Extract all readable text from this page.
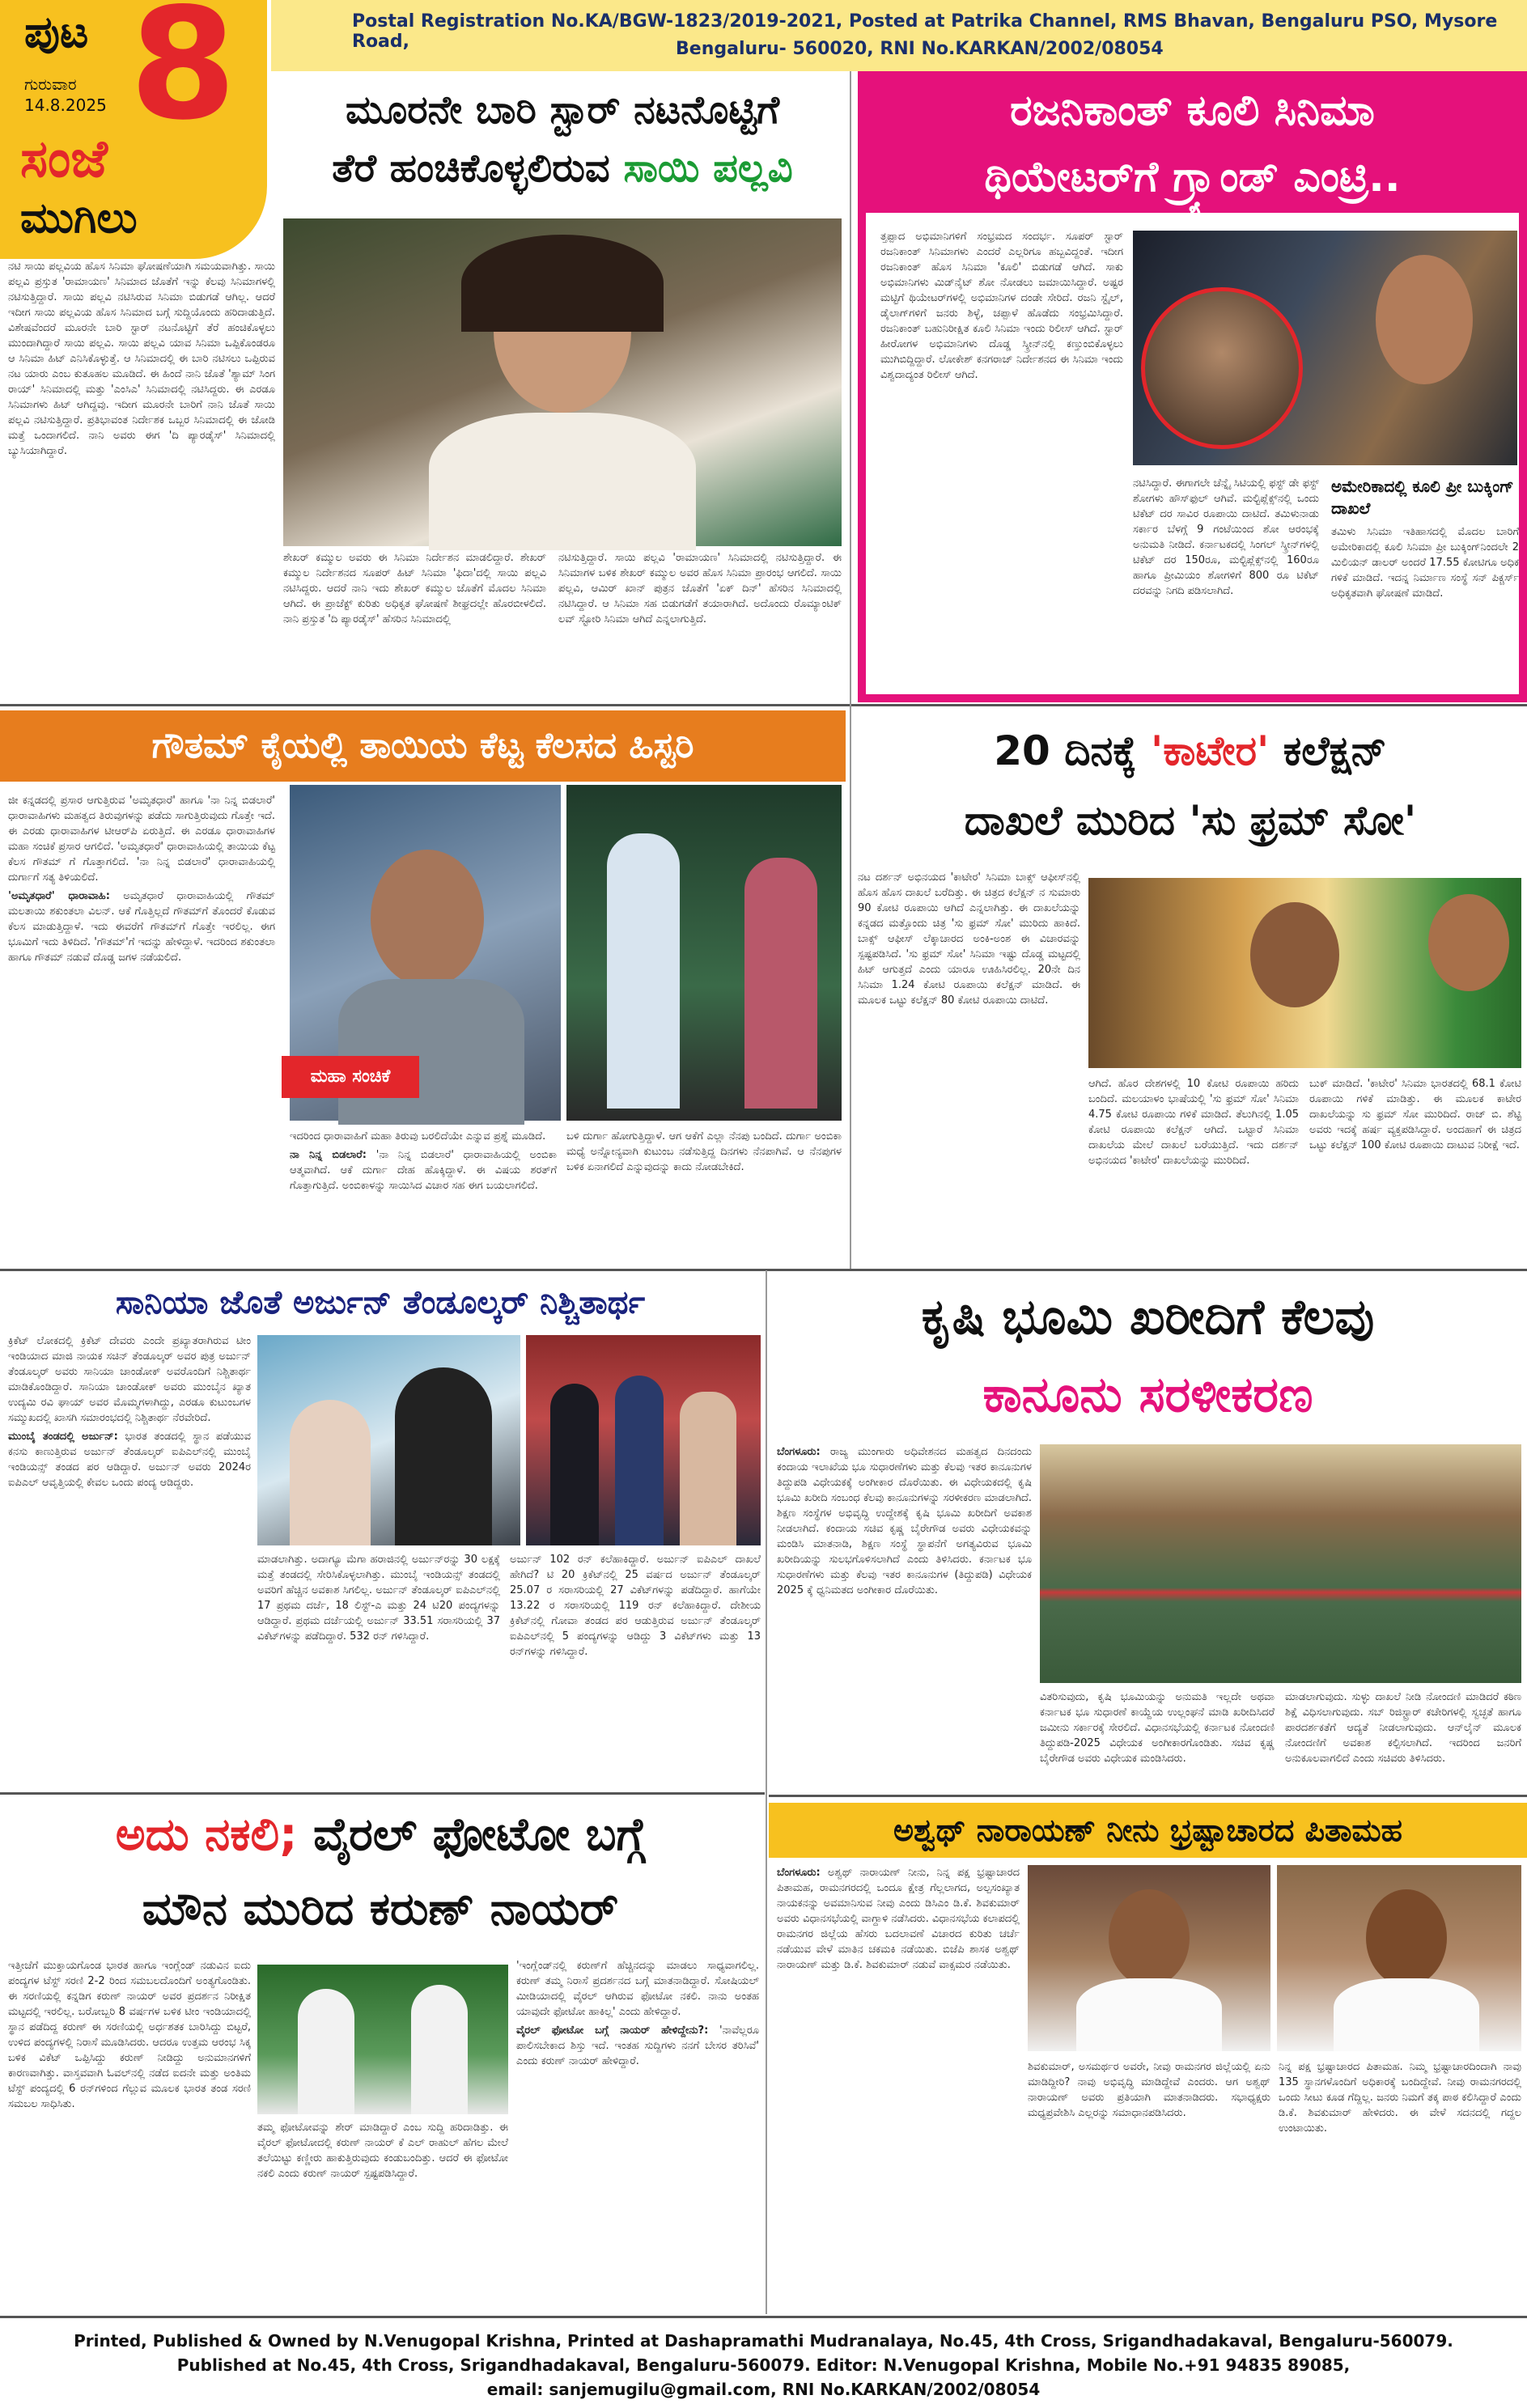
ಪುಟ 8
ಗುರುವಾರ
14.8.2025
ಸಂಜೆ
ಮುಗಿಲು
Postal Registration No.KA/BGW-1823/2019-2021, Posted at Patrika Channel, RMS Bhavan, Bengaluru PSO, Mysore Road,	Bengaluru- 560020, RNI No.KARKAN/2002/08054
ಮೂರನೇ ಬಾರಿ ಸ್ಟಾರ್ ನಟನೊಟ್ಟಿಗೆ
ತೆರೆ ಹಂಚಿಕೊಳ್ಳಲಿರುವ ಸಾಯಿ ಪಲ್ಲವಿ
ನಟಿ ಸಾಯಿ ಪಲ್ಲವಿಯ ಹೊಸ ಸಿನಿಮಾ ಘೋಷಣೆಯಾಗಿ ಸಮಯವಾಗಿತ್ತು. ಸಾಯಿ ಪಲ್ಲವಿ ಪ್ರಸ್ತುತ 'ರಾಮಾಯಣ' ಸಿನಿಮಾದ ಜೊತೆಗೆ ಇನ್ನು ಕೆಲವು ಸಿನಿಮಾಗಳಲ್ಲಿ ನಟಿಸುತ್ತಿದ್ದಾರೆ. ಸಾಯಿ ಪಲ್ಲವಿ ನಟಿಸಿರುವ ಸಿನಿಮಾ ಬಿಡುಗಡೆ ಆಗಿಲ್ಲ. ಆದರೆ ಇದೀಗ ಸಾಯಿ ಪಲ್ಲವಿಯ ಹೊಸ ಸಿನಿಮಾದ ಬಗ್ಗೆ ಸುದ್ದಿಯೊಂದು ಹರಿದಾಡುತ್ತಿದೆ. ವಿಶೇಷವೆಂದರೆ ಮೂರನೇ ಬಾರಿ ಸ್ಟಾರ್ ನಟನೊಟ್ಟಿಗೆ ತೆರೆ ಹಂಚಿಕೊಳ್ಳಲು ಮುಂದಾಗಿದ್ದಾರೆ ಸಾಯಿ ಪಲ್ಲವಿ. ಸಾಯಿ ಪಲ್ಲವಿ ಯಾವ ಸಿನಿಮಾ ಒಪ್ಪಿಕೊಂಡರೂ ಆ ಸಿನಿಮಾ ಹಿಟ್ ಎನಿಸಿಕೊಳ್ಳುತ್ತೆ. ಆ ಸಿನಿಮಾದಲ್ಲಿ ಈ ಬಾರಿ ನಟಿಸಲು ಒಪ್ಪಿರುವ ನಟ ಯಾರು ಎಂಬ ಕುತೂಹಲ ಮೂಡಿದೆ. ಈ ಹಿಂದೆ ನಾನಿ ಜೊತೆ 'ಶ್ಯಾಮ್ ಸಿಂಗ ರಾಯ್' ಸಿನಿಮಾದಲ್ಲಿ ಮತ್ತು 'ಎಂಸಿಎ' ಸಿನಿಮಾದಲ್ಲಿ ನಟಿಸಿದ್ದರು. ಈ ಎರಡೂ ಸಿನಿಮಾಗಳು ಹಿಟ್ ಆಗಿದ್ದವು. ಇದೀಗ ಮೂರನೇ ಬಾರಿಗೆ ನಾನಿ ಜೊತೆ ಸಾಯಿ ಪಲ್ಲವಿ ನಟಿಸುತ್ತಿದ್ದಾರೆ. ಪ್ರತಿಭಾವಂತ ನಿರ್ದೇಶಕ ಒಬ್ಬರ ಸಿನಿಮಾದಲ್ಲಿ ಈ ಜೋಡಿ ಮತ್ತೆ ಒಂದಾಗಲಿದೆ. ನಾನಿ ಅವರು ಈಗ 'ದಿ ಪ್ಯಾರಡೈಸ್' ಸಿನಿಮಾದಲ್ಲಿ ಬ್ಯುಸಿಯಾಗಿದ್ದಾರೆ.
ಶೇಖರ್ ಕಮ್ಮುಲ ಅವರು ಈ ಸಿನಿಮಾ ನಿರ್ದೇಶನ ಮಾಡಲಿದ್ದಾರೆ. ಶೇಖರ್ ಕಮ್ಮುಲ ನಿರ್ದೇಶನದ ಸೂಪರ್ ಹಿಟ್ ಸಿನಿಮಾ 'ಫಿದಾ'ದಲ್ಲಿ ಸಾಯಿ ಪಲ್ಲವಿ ನಟಿಸಿದ್ದರು. ಆದರೆ ನಾನಿ ಇದು ಶೇಖರ್ ಕಮ್ಮುಲ ಜೊತೆಗೆ ಮೊದಲ ಸಿನಿಮಾ ಆಗಿದೆ. ಈ ಪ್ರಾಜೆಕ್ಟ್ ಕುರಿತು ಅಧಿಕೃತ ಘೋಷಣೆ ಶೀಘ್ರದಲ್ಲೇ ಹೊರಬೀಳಲಿದೆ. ನಾನಿ ಪ್ರಸ್ತುತ 'ದಿ ಪ್ಯಾರಡೈಸ್' ಹೆಸರಿನ ಸಿನಿಮಾದಲ್ಲಿ
ನಟಿಸುತ್ತಿದ್ದಾರೆ. ಸಾಯಿ ಪಲ್ಲವಿ 'ರಾಮಾಯಣ' ಸಿನಿಮಾದಲ್ಲಿ ನಟಿಸುತ್ತಿದ್ದಾರೆ. ಈ ಸಿನಿಮಾಗಳ ಬಳಿಕ ಶೇಖರ್ ಕಮ್ಮುಲ ಅವರ ಹೊಸ ಸಿನಿಮಾ ಪ್ರಾರಂಭ ಆಗಲಿದೆ. ಸಾಯಿ ಪಲ್ಲವಿ, ಆಮಿರ್ ಖಾನ್ ಪುತ್ರನ ಜೊತೆಗೆ 'ಏಕ್ ದಿನ್' ಹೆಸರಿನ ಸಿನಿಮಾದಲ್ಲಿ ನಟಿಸಿದ್ದಾರೆ. ಆ ಸಿನಿಮಾ ಸಹ ಬಿಡುಗಡೆಗೆ ತಯಾರಾಗಿದೆ. ಅದೊಂದು ರೊಮ್ಯಾಂಟಿಕ್ ಲವ್ ಸ್ಟೋರಿ ಸಿನಿಮಾ ಆಗಿದೆ ಎನ್ನಲಾಗುತ್ತಿದೆ.
ರಜನಿಕಾಂತ್ ಕೂಲಿ ಸಿನಿಮಾ
ಥಿಯೇಟರ್‌ಗೆ ಗ್ರ್ಯಾಂಡ್ ಎಂಟ್ರಿ..
ತ್ತಪ್ಪಾದ ಅಭಿಮಾನಿಗಳಿಗೆ ಸಂಭ್ರಮದ ಸಂದರ್ಭ. ಸೂಪರ್ ಸ್ಟಾರ್ ರಜನಿಕಾಂತ್ ಸಿನಿಮಾಗಳು ಎಂದರೆ ಎಲ್ಲರಿಗೂ ಹಬ್ಬವಿದ್ದಂತೆ. ಇದೀಗ ರಜನಿಕಾಂತ್ ಹೊಸ ಸಿನಿಮಾ 'ಕೂಲಿ' ಬಿಡುಗಡೆ ಆಗಿದೆ. ಸಾಕು ಅಭಿಮಾನಿಗಳು ಮಿಡ್‌ನೈಟ್ ಶೋ ನೋಡಲು ಜಮಾಯಿಸಿದ್ದಾರೆ. ಅಷ್ಟರ ಮಟ್ಟಿಗೆ ಥಿಯೇಟರ್‌ಗಳಲ್ಲಿ ಅಭಿಮಾನಿಗಳ ದಂಡೇ ಸೇರಿದೆ. ರಜನಿ ಸ್ಟೈಲ್, ಡೈಲಾಗ್‌ಗಳಿಗೆ ಜನರು ಶಿಳ್ಳೆ, ಚಪ್ಪಾಳೆ ಹೊಡೆದು ಸಂಭ್ರಮಿಸಿದ್ದಾರೆ. ರಜನಿಕಾಂತ್ ಬಹುನಿರೀಕ್ಷಿತ ಕೂಲಿ ಸಿನಿಮಾ ಇಂದು ರಿಲೀಸ್ ಆಗಿದೆ. ಸ್ಟಾರ್ ಹೀರೋಗಳ ಅಭಿಮಾನಿಗಳು ದೊಡ್ಡ ಸ್ಕ್ರೀನ್‌ನಲ್ಲಿ ಕಣ್ತುಂಬಿಕೊಳ್ಳಲು ಮುಗಿಬಿದ್ದಿದ್ದಾರೆ. ಲೋಕೇಶ್ ಕನಗರಾಜ್ ನಿರ್ದೇಶನದ ಈ ಸಿನಿಮಾ ಇಂದು ವಿಶ್ವದಾದ್ಯಂತ ರಿಲೀಸ್ ಆಗಿದೆ.
ನಟಿಸಿದ್ದಾರೆ. ಈಗಾಗಲೇ ಚೆನ್ನೈ ಸಿಟಿಯಲ್ಲಿ ಫಸ್ಟ್ ಡೇ ಫಸ್ಟ್ ಶೋಗಳು ಹೌಸ್‌ಫುಲ್ ಆಗಿವೆ. ಮಲ್ಟಿಪ್ಲೆಕ್ಸ್‌ನಲ್ಲಿ ಒಂದು ಟಿಕೆಟ್ ದರ ಸಾವಿರ ರೂಪಾಯಿ ದಾಟಿದೆ. ತಮಿಳುನಾಡು ಸರ್ಕಾರ ಬೆಳಗ್ಗೆ 9 ಗಂಟೆಯಿಂದ ಶೋ ಆರಂಭಕ್ಕೆ ಅನುಮತಿ ನೀಡಿದೆ. ಕರ್ನಾಟಕದಲ್ಲಿ ಸಿಂಗಲ್ ಸ್ಕ್ರೀನ್‌ಗಳಲ್ಲಿ ಟಿಕೆಟ್ ದರ 150ರೂ, ಮಲ್ಟಿಪ್ಲೆಕ್ಸ್‌ನಲ್ಲಿ 160ರೂ ಹಾಗೂ ಪ್ರೀಮಿಯಂ ಶೋಗಳಿಗೆ 800 ರೂ ಟಿಕೆಟ್ ದರವನ್ನು ನಿಗದಿ ಪಡಿಸಲಾಗಿದೆ.
ಅಮೇರಿಕಾದಲ್ಲಿ ಕೂಲಿ ಪ್ರೀ ಬುಕ್ಕಿಂಗ್ ದಾಖಲೆ
ತಮಿಳು ಸಿನಿಮಾ ಇತಿಹಾಸದಲ್ಲಿ ಮೊದಲ ಬಾರಿಗೆ ಅಮೇರಿಕಾದಲ್ಲಿ ಕೂಲಿ ಸಿನಿಮಾ ಪ್ರೀ ಬುಕ್ಕಿಂಗ್‌ನಿಂದಲೇ 2 ಮಿಲಿಯನ್ ಡಾಲರ್ ಅಂದರೆ 17.55 ಕೋಟಿಗೂ ಅಧಿಕ ಗಳಿಕೆ ಮಾಡಿದೆ. ಇದನ್ನ ನಿರ್ಮಾಣ ಸಂಸ್ಥೆ ಸನ್ ಪಿಕ್ಚರ್ಸ್ ಅಧಿಕೃತವಾಗಿ ಘೋಷಣೆ ಮಾಡಿದೆ.
ಗೌತಮ್ ಕೈಯಲ್ಲಿ ತಾಯಿಯ ಕೆಟ್ಟ ಕೆಲಸದ ಹಿಸ್ಟರಿ

ಜೀ ಕನ್ನಡದಲ್ಲಿ ಪ್ರಸಾರ ಆಗುತ್ತಿರುವ 'ಅಮೃತಧಾರೆ' ಹಾಗೂ 'ನಾ ನಿನ್ನ ಬಿಡಲಾರೆ' ಧಾರಾವಾಹಿಗಳು ಮಹತ್ವದ ತಿರುವುಗಳನ್ನು ಪಡೆದು ಸಾಗುತ್ತಿರುವುದು ಗೊತ್ತೇ ಇದೆ. ಈ ಎರಡು ಧಾರಾವಾಹಿಗಳ ಟೀಆರ್‌ಪಿ ಏರುತ್ತಿದೆ. ಈ ಎರಡೂ ಧಾರಾವಾಹಿಗಳ ಮಹಾ ಸಂಚಿಕೆ ಪ್ರಸಾರ ಆಗಲಿದೆ. 'ಅಮೃತಧಾರೆ' ಧಾರಾವಾಹಿಯಲ್ಲಿ ತಾಯಿಯ ಕೆಟ್ಟ ಕೆಲಸ ಗೌತಮ್ ಗೆ ಗೊತ್ತಾಗಲಿದೆ. 'ನಾ ನಿನ್ನ ಬಿಡಲಾರೆ' ಧಾರಾವಾಹಿಯಲ್ಲಿ ದುರ್ಗಾಗೆ ಸತ್ಯ ತಿಳಿಯಲಿದೆ.

'ಅಮೃತಧಾರೆ' ಧಾರಾವಾಹಿ: ಅಮೃತಧಾರೆ ಧಾರಾವಾಹಿಯಲ್ಲಿ ಗೌತಮ್ ಮಲತಾಯಿ ಶಕುಂತಲಾ ವಿಲನ್. ಆಕೆ ಗೊತ್ತಿಲ್ಲದೆ ಗೌತಮ್‌ಗೆ ತೊಂದರೆ ಕೊಡುವ ಕೆಲಸ ಮಾಡುತ್ತಿದ್ದಾಳೆ. ಇದು ಈವರೆಗೆ ಗೌತಮ್‌ಗೆ ಗೊತ್ತೇ ಇರಲಿಲ್ಲ. ಈಗ ಭೂಮಿಗೆ ಇದು ತಿಳಿದಿದೆ. 'ಗೌತಮ್'ಗೆ ಇದನ್ನು ಹೇಳಿದ್ದಾಳೆ. ಇದರಿಂದ ಶಕುಂತಲಾ ಹಾಗೂ ಗೌತಮ್ ನಡುವೆ ದೊಡ್ಡ ಜಗಳ ನಡೆಯಲಿದೆ.

ಮಹಾ ಸಂಚಿಕೆ

ಇದರಿಂದ ಧಾರಾವಾಹಿಗೆ ಮಹಾ ತಿರುವು ಬರಲಿದೆಯೇ ಎನ್ನುವ ಪ್ರಶ್ನೆ ಮೂಡಿದೆ.

ನಾ ನಿನ್ನ ಬಿಡಲಾರೆ: 'ನಾ ನಿನ್ನ ಬಿಡಲಾರೆ' ಧಾರಾವಾಹಿಯಲ್ಲಿ ಅಂಬಿಕಾ ಆತ್ಮವಾಗಿದೆ. ಆಕೆ ದುರ್ಗಾ ದೇಹ ಹೊಕ್ಕಿದ್ದಾಳೆ. ಈ ವಿಷಯ ಶರತ್‌ಗೆ ಗೊತ್ತಾಗುತ್ತಿದೆ. ಅಂಬಿಕಾಳನ್ನು ಸಾಯಿಸಿದ ವಿಚಾರ ಸಹ ಈಗ ಬಯಲಾಗಲಿದೆ.

ಬಳಿ ದುರ್ಗಾ ಹೋಗುತ್ತಿದ್ದಾಳೆ. ಆಗ ಆಕೆಗೆ ಎಲ್ಲಾ ನೆನಪು ಬಂದಿದೆ. ದುರ್ಗಾ ಅಂಬಿಕಾ ಮಧ್ಯೆ ಅನ್ನೋನ್ಯವಾಗಿ ಕುಟುಂಬ ನಡೆಸುತ್ತಿದ್ದ ದಿನಗಳು ನೆನಪಾಗಿವೆ. ಆ ನೆನಪುಗಳ ಬಳಿಕ ಏನಾಗಲಿದೆ ಎನ್ನುವುದನ್ನು ಕಾದು ನೋಡಬೇಕಿದೆ.
20 ದಿನಕ್ಕೆ 'ಕಾಟೇರ' ಕಲೆಕ್ಷನ್
ದಾಖಲೆ ಮುರಿದ 'ಸು ಫ್ರಮ್ ಸೋ'
ನಟ ದರ್ಶನ್ ಅಭಿನಯದ 'ಕಾಟೇರ' ಸಿನಿಮಾ ಬಾಕ್ಸ್ ಆಫೀಸ್‌ನಲ್ಲಿ ಹೊಸ ಹೊಸ ದಾಖಲೆ ಬರೆದಿತ್ತು. ಈ ಚಿತ್ರದ ಕಲೆಕ್ಷನ್ ನ ಸುಮಾರು 90 ಕೋಟಿ ರೂಪಾಯಿ ಆಗಿದೆ ಎನ್ನಲಾಗಿತ್ತು. ಈ ದಾಖಲೆಯನ್ನು ಕನ್ನಡದ ಮತ್ತೊಂದು ಚಿತ್ರ 'ಸು ಫ್ರಮ್ ಸೋ' ಮುರಿದು ಹಾಕಿದೆ. ಬಾಕ್ಸ್ ಆಫೀಸ್ ಲೆಕ್ಕಾಚಾರದ ಅಂಕಿ-ಅಂಶ ಈ ವಿಚಾರವನ್ನು ಸ್ಪಷ್ಟಪಡಿಸಿದೆ. 'ಸು ಫ್ರಮ್ ಸೋ' ಸಿನಿಮಾ ಇಷ್ಟು ದೊಡ್ಡ ಮಟ್ಟದಲ್ಲಿ ಹಿಟ್ ಆಗುತ್ತದೆ ಎಂದು ಯಾರೂ ಊಹಿಸಿರಲಿಲ್ಲ. 20ನೇ ದಿನ ಸಿನಿಮಾ 1.24 ಕೋಟಿ ರೂಪಾಯಿ ಕಲೆಕ್ಷನ್ ಮಾಡಿದೆ. ಈ ಮೂಲಕ ಒಟ್ಟು ಕಲೆಕ್ಷನ್ 80 ಕೋಟಿ ರೂಪಾಯಿ ದಾಟಿದೆ.
ಆಗಿದೆ. ಹೊರ ದೇಶಗಳಲ್ಲಿ 10 ಕೋಟಿ ರೂಪಾಯಿ ಹರಿದು ಬಂದಿದೆ. ಮಲಯಾಳಂ ಭಾಷೆಯಲ್ಲಿ 'ಸು ಫ್ರಮ್ ಸೋ' ಸಿನಿಮಾ 4.75 ಕೋಟಿ ರೂಪಾಯಿ ಗಳಿಕೆ ಮಾಡಿದೆ. ತೆಲುಗಿನಲ್ಲಿ 1.05 ಕೋಟಿ ರೂಪಾಯಿ ಕಲೆಕ್ಷನ್ ಆಗಿದೆ. ಒಟ್ಟಾರೆ ಸಿನಿಮಾ ದಾಖಲೆಯ ಮೇಲೆ ದಾಖಲೆ ಬರೆಯುತ್ತಿದೆ. ಇದು ದರ್ಶನ್ ಅಭಿನಯದ 'ಕಾಟೇರ' ದಾಖಲೆಯನ್ನು ಮುರಿದಿದೆ.
ಬುಕ್ ಮಾಡಿದೆ. 'ಕಾಟೇರ' ಸಿನಿಮಾ ಭಾರತದಲ್ಲಿ 68.1 ಕೋಟಿ ರೂಪಾಯಿ ಗಳಿಕೆ ಮಾಡಿತ್ತು. ಈ ಮೂಲಕ ಕಾಟೇರ ದಾಖಲೆಯನ್ನು ಸು ಫ್ರಮ್ ಸೋ ಮುರಿದಿದೆ. ರಾಜ್ ಬಿ. ಶೆಟ್ಟಿ ಅವರು ಇದಕ್ಕೆ ಹರ್ಷ ವ್ಯಕ್ತಪಡಿಸಿದ್ದಾರೆ. ಅಂದಹಾಗೆ ಈ ಚಿತ್ರದ ಒಟ್ಟು ಕಲೆಕ್ಷನ್ 100 ಕೋಟಿ ರೂಪಾಯಿ ದಾಟುವ ನಿರೀಕ್ಷೆ ಇದೆ.
ಸಾನಿಯಾ ಜೊತೆ ಅರ್ಜುನ್ ತೆಂಡೂಲ್ಕರ್ ನಿಶ್ಚಿತಾರ್ಥ

ಕ್ರಿಕೆಟ್ ಲೋಕದಲ್ಲಿ ಕ್ರಿಕೆಟ್ ದೇವರು ಎಂದೇ ಪ್ರಖ್ಯಾತರಾಗಿರುವ ಟೀಂ ಇಂಡಿಯಾದ ಮಾಜಿ ನಾಯಕ ಸಚಿನ್ ತೆಂಡೂಲ್ಕರ್ ಅವರ ಪುತ್ರ ಅರ್ಜುನ್ ತೆಂಡೂಲ್ಕರ್ ಅವರು ಸಾನಿಯಾ ಚಾಂಡೋಕ್ ಅವರೊಂದಿಗೆ ನಿಶ್ಚಿತಾರ್ಥ ಮಾಡಿಕೊಂಡಿದ್ದಾರೆ. ಸಾನಿಯಾ ಚಾಂಡೋಕ್ ಅವರು ಮುಂಬೈನ ಖ್ಯಾತ ಉದ್ಯಮಿ ರವಿ ಘಾಯ್ ಅವರ ಮೊಮ್ಮಗಳಾಗಿದ್ದು, ಎರಡೂ ಕುಟುಂಬಗಳ ಸಮ್ಮುಖದಲ್ಲಿ ಖಾಸಗಿ ಸಮಾರಂಭದಲ್ಲಿ ನಿಶ್ಚಿತಾರ್ಥ ನೆರವೇರಿದೆ.

ಮುಂಬೈ ತಂಡದಲ್ಲಿ ಅರ್ಜುನ್: ಭಾರತ ತಂಡದಲ್ಲಿ ಸ್ಥಾನ ಪಡೆಯುವ ಕನಸು ಕಾಣುತ್ತಿರುವ ಅರ್ಜುನ್ ತೆಂಡೂಲ್ಕರ್ ಐಪಿಎಲ್‌ನಲ್ಲಿ ಮುಂಬೈ ಇಂಡಿಯನ್ಸ್ ತಂಡದ ಪರ ಆಡಿದ್ದಾರೆ. ಅರ್ಜುನ್ ಅವರು 2024ರ ಐಪಿಎಲ್ ಆವೃತ್ತಿಯಲ್ಲಿ ಕೇವಲ ಒಂದು ಪಂದ್ಯ ಆಡಿದ್ದರು.

ಮಾಡಲಾಗಿತ್ತು. ಅದಾಗ್ಯೂ ಮೆಗಾ ಹರಾಜಿನಲ್ಲಿ ಅರ್ಜುನ್‌ರನ್ನು 30 ಲಕ್ಷಕ್ಕೆ ಮತ್ತೆ ತಂಡದಲ್ಲಿ ಸೇರಿಸಿಕೊಳ್ಳಲಾಗಿತ್ತು. ಮುಂಬೈ ಇಂಡಿಯನ್ಸ್ ತಂಡದಲ್ಲಿ ಅವರಿಗೆ ಹೆಚ್ಚಿನ ಅವಕಾಶ ಸಿಗಲಿಲ್ಲ. ಅರ್ಜುನ್ ತೆಂಡೂಲ್ಕರ್ ಐಪಿಎಲ್‌ನಲ್ಲಿ 17 ಪ್ರಥಮ ದರ್ಜೆ, 18 ಲಿಸ್ಟ್-ಎ ಮತ್ತು 24 ಟಿ20 ಪಂದ್ಯಗಳನ್ನು ಆಡಿದ್ದಾರೆ. ಪ್ರಥಮ ದರ್ಜೆಯಲ್ಲಿ ಅರ್ಜುನ್ 33.51 ಸರಾಸರಿಯಲ್ಲಿ 37 ವಿಕೆಟ್‌ಗಳನ್ನು ಪಡೆದಿದ್ದಾರೆ. 532 ರನ್ ಗಳಿಸಿದ್ದಾರೆ.
ಅರ್ಜುನ್ 102 ರನ್ ಕಲೆಹಾಕಿದ್ದಾರೆ. ಅರ್ಜುನ್ ಐಪಿಎಲ್ ದಾಖಲೆ ಹೇಗಿದೆ? ಟಿ 20 ಕ್ರಿಕೆಟ್‌ನಲ್ಲಿ 25 ವರ್ಷದ ಅರ್ಜುನ್ ತೆಂಡೂಲ್ಕರ್ 25.07 ರ ಸರಾಸರಿಯಲ್ಲಿ 27 ವಿಕೆಟ್‌ಗಳನ್ನು ಪಡೆದಿದ್ದಾರೆ. ಹಾಗೆಯೇ 13.22 ರ ಸರಾಸರಿಯಲ್ಲಿ 119 ರನ್ ಕಲೆಹಾಕಿದ್ದಾರೆ. ದೇಶೀಯ ಕ್ರಿಕೆಟ್‌ನಲ್ಲಿ ಗೋವಾ ತಂಡದ ಪರ ಆಡುತ್ತಿರುವ ಅರ್ಜುನ್ ತೆಂಡೂಲ್ಕರ್ ಐಪಿಎಲ್‌ನಲ್ಲಿ 5 ಪಂದ್ಯಗಳನ್ನು ಆಡಿದ್ದು 3 ವಿಕೆಟ್‌ಗಳು ಮತ್ತು 13 ರನ್‌ಗಳನ್ನು ಗಳಿಸಿದ್ದಾರೆ.
ಕೃಷಿ ಭೂಮಿ ಖರೀದಿಗೆ ಕೆಲವು
ಕಾನೂನು ಸರಳೀಕರಣ
ಬೆಂಗಳೂರು: ರಾಜ್ಯ ಮುಂಗಾರು ಅಧಿವೇಶನದ ಮಹತ್ವದ ದಿನದಂದು ಕಂದಾಯ ಇಲಾಖೆಯ ಭೂ ಸುಧಾರಣೆಗಳು ಮತ್ತು ಕೆಲವು ಇತರ ಕಾನೂನುಗಳ ತಿದ್ದುಪಡಿ ವಿಧೇಯಕಕ್ಕೆ ಅಂಗೀಕಾರ ದೊರೆಯಿತು. ಈ ವಿಧೇಯಕದಲ್ಲಿ ಕೃಷಿ ಭೂಮಿ ಖರೀದಿ ಸಂಬಂಧ ಕೆಲವು ಕಾನೂನುಗಳನ್ನು ಸರಳೀಕರಣ ಮಾಡಲಾಗಿದೆ. ಶಿಕ್ಷಣ ಸಂಸ್ಥೆಗಳ ಅಭಿವೃದ್ಧಿ ಉದ್ದೇಶಕ್ಕೆ ಕೃಷಿ ಭೂಮಿ ಖರೀದಿಗೆ ಅವಕಾಶ ನೀಡಲಾಗಿದೆ. ಕಂದಾಯ ಸಚಿವ ಕೃಷ್ಣ ಬೈರೇಗೌಡ ಅವರು ವಿಧೇಯಕವನ್ನು ಮಂಡಿಸಿ ಮಾತನಾಡಿ, ಶಿಕ್ಷಣ ಸಂಸ್ಥೆ ಸ್ಥಾಪನೆಗೆ ಅಗತ್ಯವಿರುವ ಭೂಮಿ ಖರೀದಿಯನ್ನು ಸುಲಭಗೊಳಿಸಲಾಗಿದೆ ಎಂದು ತಿಳಿಸಿದರು. ಕರ್ನಾಟಕ ಭೂ ಸುಧಾರಣೆಗಳು ಮತ್ತು ಕೆಲವು ಇತರ ಕಾನೂನುಗಳ (ತಿದ್ದುಪಡಿ) ವಿಧೇಯಕ 2025 ಕ್ಕೆ ಧ್ವನಿಮತದ ಅಂಗೀಕಾರ ದೊರೆಯಿತು.
ವಿತರಿಸುವುದು, ಕೃಷಿ ಭೂಮಿಯನ್ನು ಅನುಮತಿ ಇಲ್ಲದೇ ಅಥವಾ ಕರ್ನಾಟಕ ಭೂ ಸುಧಾರಣೆ ಕಾಯ್ದೆಯ ಉಲ್ಲಂಘನೆ ಮಾಡಿ ಖರೀದಿಸಿದರೆ ಜಮೀನು ಸರ್ಕಾರಕ್ಕೆ ಸೇರಲಿದೆ. ವಿಧಾನಸಭೆಯಲ್ಲಿ ಕರ್ನಾಟಕ ನೋಂದಣಿ ತಿದ್ದುಪಡಿ-2025 ವಿಧೇಯಕ ಅಂಗೀಕಾರಗೊಂಡಿತು. ಸಚಿವ ಕೃಷ್ಣ ಬೈರೇಗೌಡ ಅವರು ವಿಧೇಯಕ ಮಂಡಿಸಿದರು.
ಮಾಡಲಾಗುವುದು. ಸುಳ್ಳು ದಾಖಲೆ ನೀಡಿ ನೋಂದಣಿ ಮಾಡಿದರೆ ಕಠಿಣ ಶಿಕ್ಷೆ ವಿಧಿಸಲಾಗುವುದು. ಸಬ್‌ ರಿಜಿಸ್ಟ್ರಾರ್ ಕಚೇರಿಗಳಲ್ಲಿ ಸ್ವಚ್ಛತೆ ಹಾಗೂ ಪಾರದರ್ಶಕತೆಗೆ ಆದ್ಯತೆ ನೀಡಲಾಗುವುದು. ಆನ್‌ಲೈನ್ ಮೂಲಕ ನೋಂದಣಿಗೆ ಅವಕಾಶ ಕಲ್ಪಿಸಲಾಗಿದೆ. ಇದರಿಂದ ಜನರಿಗೆ ಅನುಕೂಲವಾಗಲಿದೆ ಎಂದು ಸಚಿವರು ತಿಳಿಸಿದರು.
ಅದು ನಕಲಿ; ವೈರಲ್ ಫೋಟೋ ಬಗ್ಗೆ
ಮೌನ ಮುರಿದ ಕರುಣ್ ನಾಯರ್
ಇತ್ತೀಚೆಗೆ ಮುಕ್ತಾಯಗೊಂಡ ಭಾರತ ಹಾಗೂ ಇಂಗ್ಲೆಂಡ್ ನಡುವಿನ ಐದು ಪಂದ್ಯಗಳ ಟೆಸ್ಟ್ ಸರಣಿ 2-2 ರಿಂದ ಸಮಬಲದೊಂದಿಗೆ ಅಂತ್ಯಗೊಂಡಿತು. ಈ ಸರಣಿಯಲ್ಲಿ ಕನ್ನಡಿಗ ಕರುಣ್ ನಾಯರ್ ಅವರ ಪ್ರದರ್ಶನ ನಿರೀಕ್ಷಿತ ಮಟ್ಟದಲ್ಲಿ ಇರಲಿಲ್ಲ. ಬರೋಬ್ಬರಿ 8 ವರ್ಷಗಳ ಬಳಿಕ ಟೀಂ ಇಂಡಿಯಾದಲ್ಲಿ ಸ್ಥಾನ ಪಡೆದಿದ್ದ ಕರುಣ್ ಈ ಸರಣಿಯಲ್ಲಿ ಅರ್ಧಶತಕ ಬಾರಿಸಿದ್ದು ಬಿಟ್ಟರೆ, ಉಳಿದ ಪಂದ್ಯಗಳಲ್ಲಿ ನಿರಾಸೆ ಮೂಡಿಸಿದರು. ಆದರೂ ಉತ್ತಮ ಆರಂಭ ಸಿಕ್ಕ ಬಳಿಕ ವಿಕೆಟ್ ಒಪ್ಪಿಸಿದ್ದು ಕರುಣ್ ನೀಡಿದ್ದು ಅನುಮಾನಗಳಿಗೆ ಕಾರಣವಾಗಿತ್ತು. ವಾಸ್ತವವಾಗಿ ಓವಲ್‌ನಲ್ಲಿ ನಡೆದ ಐದನೇ ಮತ್ತು ಅಂತಿಮ ಟೆಸ್ಟ್ ಪಂದ್ಯದಲ್ಲಿ 6 ರನ್‌ಗಳಿಂದ ಗೆಲ್ಲುವ ಮೂಲಕ ಭಾರತ ತಂಡ ಸರಣಿ ಸಮಬಲ ಸಾಧಿಸಿತು.
ತಮ್ಮ ಫೋಟೋವನ್ನು ಶೇರ್ ಮಾಡಿದ್ದಾರೆ ಎಂಬ ಸುದ್ದಿ ಹರಿದಾಡಿತ್ತು. ಈ ವೈರಲ್ ಫೋಟೋದಲ್ಲಿ ಕರುಣ್ ನಾಯರ್ ಕೆ ಎಲ್ ರಾಹುಲ್ ಹೆಗಲ ಮೇಲೆ ತಲೆಯಿಟ್ಟು ಕಣ್ಣೀರು ಹಾಕುತ್ತಿರುವುದು ಕಂಡುಬಂದಿತ್ತು. ಆದರೆ ಈ ಫೋಟೋ ನಕಲಿ ಎಂದು ಕರುಣ್ ನಾಯರ್ ಸ್ಪಷ್ಟಪಡಿಸಿದ್ದಾರೆ.

'ಇಂಗ್ಲೆಂಡ್‌ನಲ್ಲಿ ಕರುಣ್‌ಗೆ ಹೆಚ್ಚಿನದನ್ನು ಮಾಡಲು ಸಾಧ್ಯವಾಗಲಿಲ್ಲ. ಕರುಣ್ ತಮ್ಮ ನಿರಾಸೆ ಪ್ರದರ್ಶನದ ಬಗ್ಗೆ ಮಾತನಾಡಿದ್ದಾರೆ. ಸೋಷಿಯಲ್ ಮೀಡಿಯಾದಲ್ಲಿ ವೈರಲ್ ಆಗಿರುವ ಫೋಟೋ ನಕಲಿ. ನಾನು ಅಂತಹ ಯಾವುದೇ ಫೋಟೋ ಹಾಕಿಲ್ಲ' ಎಂದು ಹೇಳಿದ್ದಾರೆ.

ವೈರಲ್ ಫೋಟೋ ಬಗ್ಗೆ ನಾಯರ್ ಹೇಳಿದ್ದೇನು?: 'ನಾವೆಲ್ಲರೂ ಪಾಲಿಸಬೇಕಾದ ಶಿಸ್ತು ಇದೆ. ಇಂತಹ ಸುದ್ದಿಗಳು ನನಗೆ ಬೇಸರ ತರಿಸಿವೆ' ಎಂದು ಕರುಣ್ ನಾಯರ್ ಹೇಳಿದ್ದಾರೆ.

ಅಶ್ವಥ್ ನಾರಾಯಣ್ ನೀನು ಭ್ರಷ್ಟಾಚಾರದ ಪಿತಾಮಹ
ಬೆಂಗಳೂರು: ಅಶ್ವಥ್ ನಾರಾಯಣ್ ನೀನು, ನಿನ್ನ ಪಕ್ಷ ಭ್ರಷ್ಟಾಚಾರದ ಪಿತಾಮಹ, ರಾಮನಗರದಲ್ಲಿ ಒಂದೂ ಕ್ಷೇತ್ರ ಗೆಲ್ಲಲಾಗದ, ಅಲ್ಪಸಂಖ್ಯಾತ ನಾಯಕನನ್ನು ಅವಮಾನಿಸುವ ನೀವು ಎಂದು ಡಿಸಿಎಂ ಡಿ.ಕೆ. ಶಿವಕುಮಾರ್ ಅವರು ವಿಧಾನಸಭೆಯಲ್ಲಿ ವಾಗ್ದಾಳಿ ನಡೆಸಿದರು. ವಿಧಾನಸಭೆಯ ಕಲಾಪದಲ್ಲಿ ರಾಮನಗರ ಜಿಲ್ಲೆಯ ಹೆಸರು ಬದಲಾವಣೆ ವಿಚಾರದ ಕುರಿತು ಚರ್ಚೆ ನಡೆಯುವ ವೇಳೆ ಮಾತಿನ ಚಕಮಕಿ ನಡೆಯಿತು. ಬಿಜೆಪಿ ಶಾಸಕ ಅಶ್ವಥ್ ನಾರಾಯಣ್ ಮತ್ತು ಡಿ.ಕೆ. ಶಿವಕುಮಾರ್ ನಡುವೆ ವಾಕ್ಸಮರ ನಡೆಯಿತು.
ಶಿವಕುಮಾರ್, ಅಸಮರ್ಥರ ಅವರೇ, ನೀವು ರಾಮನಗರ ಜಿಲ್ಲೆಯಲ್ಲಿ ಏನು ಮಾಡಿದ್ದೀರಿ? ನಾವು ಅಭಿವೃದ್ಧಿ ಮಾಡಿದ್ದೇವೆ ಎಂದರು. ಆಗ ಅಶ್ವಥ್ ನಾರಾಯಣ್ ಅವರು ಪ್ರತಿಯಾಗಿ ಮಾತನಾಡಿದರು. ಸಭಾಧ್ಯಕ್ಷರು ಮಧ್ಯಪ್ರವೇಶಿಸಿ ಎಲ್ಲರನ್ನು ಸಮಾಧಾನಪಡಿಸಿದರು.
ನಿನ್ನ ಪಕ್ಷ ಭ್ರಷ್ಟಾಚಾರದ ಪಿತಾಮಹ. ನಿಮ್ಮ ಭ್ರಷ್ಟಾಚಾರದಿಂದಾಗಿ ನಾವು 135 ಸ್ಥಾನಗಳೊಂದಿಗೆ ಅಧಿಕಾರಕ್ಕೆ ಬಂದಿದ್ದೇವೆ. ನೀವು ರಾಮನಗರದಲ್ಲಿ ಒಂದು ಸೀಟು ಕೂಡ ಗೆದ್ದಿಲ್ಲ. ಜನರು ನಿಮಗೆ ತಕ್ಕ ಪಾಠ ಕಲಿಸಿದ್ದಾರೆ ಎಂದು ಡಿ.ಕೆ. ಶಿವಕುಮಾರ್ ಹೇಳಿದರು. ಈ ವೇಳೆ ಸದನದಲ್ಲಿ ಗದ್ದಲ ಉಂಟಾಯಿತು.
Printed, Published & Owned by N.Venugopal Krishna, Printed at Dashapramathi Mudranalaya, No.45, 4th Cross, Srigandhadakaval, Bengaluru-560079.
Published at No.45, 4th Cross, Srigandhadakaval, Bengaluru-560079. Editor: N.Venugopal Krishna, Mobile No.+91 94835 89085,
email: sanjemugilu@gmail.com, RNI No.KARKAN/2002/08054
